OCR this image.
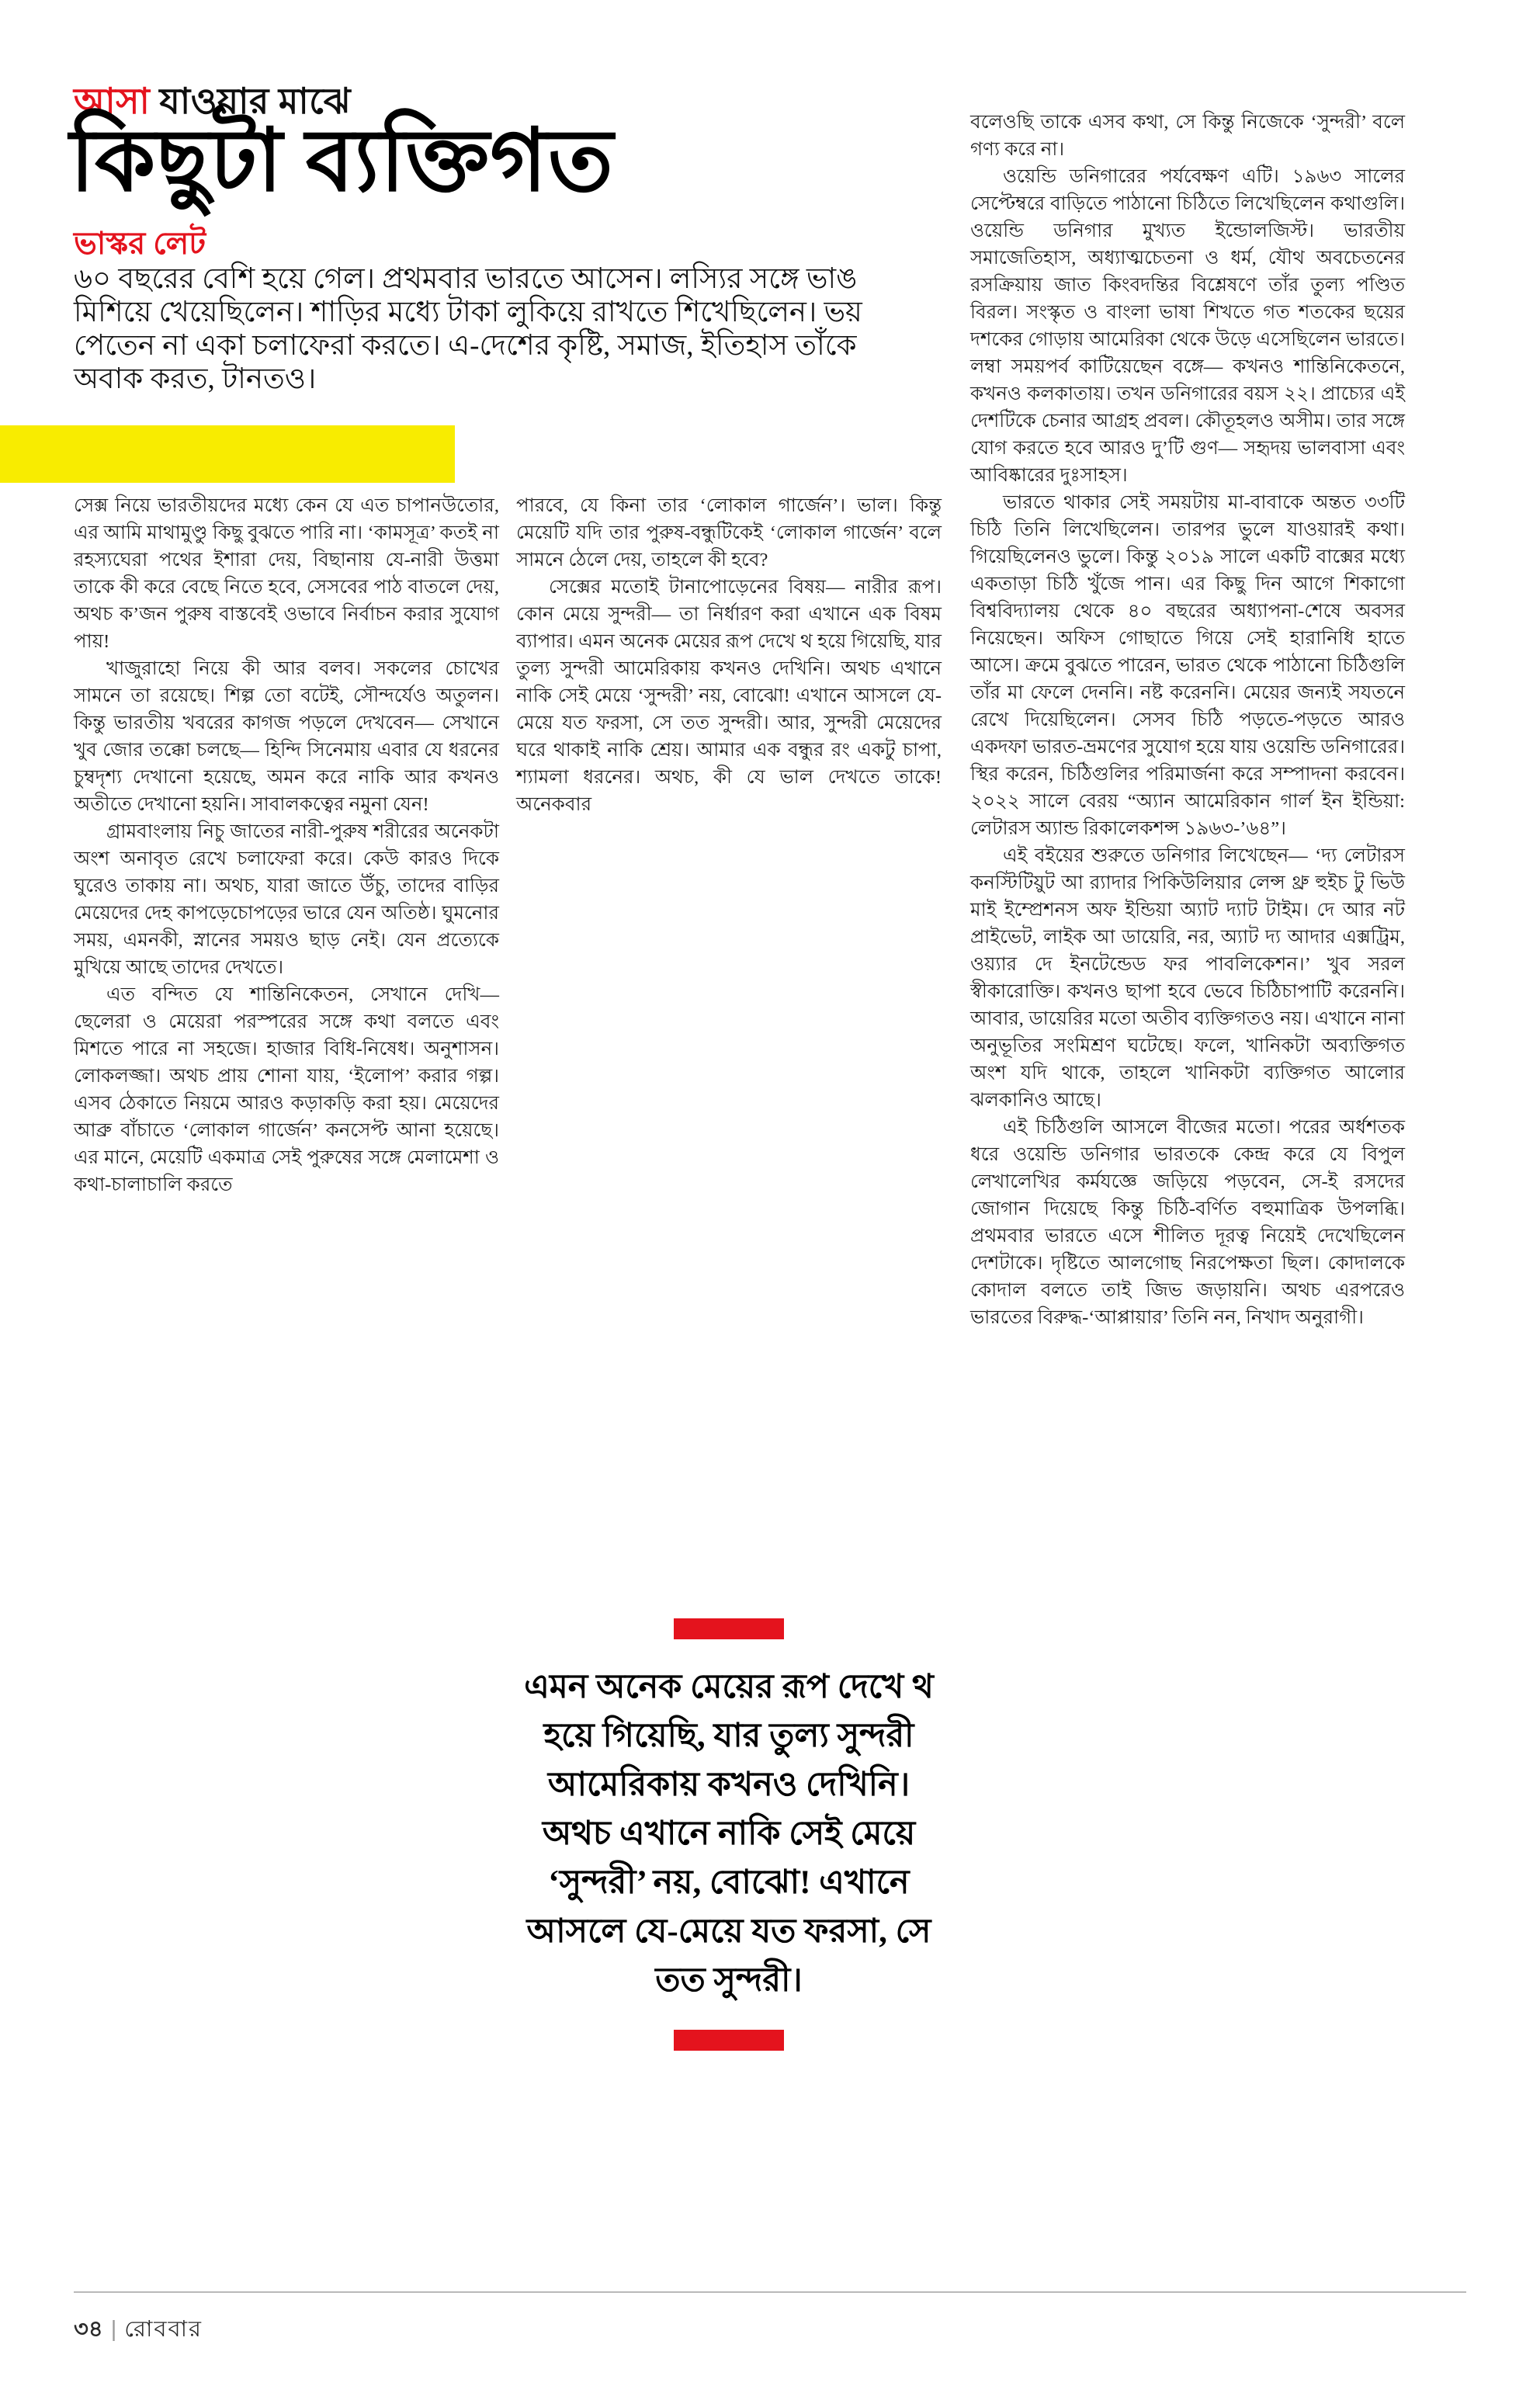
আসা যাওয়ার মাঝে
কিছুটা ব্যক্তিগত
ভাস্কর লেট

৬০ বছরের বেশি হয়ে গেল। প্রথমবার ভারতে আসেন। লস্যির সঙ্গে ভাঙ মিশিয়ে খেয়েছিলেন। শাড়ির মধ্যে টাকা লুকিয়ে রাখতে শিখেছিলেন। ভয় পেতেন না একা চলাফেরা করতে। এ-দেশের কৃষ্টি, সমাজ, ইতিহাস তাঁকে অবাক করত, টানতও।

সেক্স নিয়ে ভারতীয়দের মধ্যে কেন যে এত চাপানউতোর, এর আমি মাথামুণ্ডু কিছু বুঝতে পারি না। ‘কামসূত্র’ কতই না রহস্যঘেরা পথের ইশারা দেয়, বিছানায় যে-নারী উত্তমা তাকে কী করে বেছে নিতে হবে, সেসবের পাঠ বাতলে দেয়, অথচ ক’জন পুরুষ বাস্তবেই ওভাবে নির্বাচন করার সুযোগ পায়!

খাজুরাহো নিয়ে কী আর বলব। সকলের চোখের সামনে তা রয়েছে। শিল্প তো বটেই, সৌন্দর্যেও অতুলন। কিন্তু ভারতীয় খবরের কাগজ পড়লে দেখবেন— সেখানে খুব জোর তক্কো চলছে— হিন্দি সিনেমায় এবার যে ধরনের চুম্বদৃশ্য দেখানো হয়েছে, অমন করে নাকি আর কখনও অতীতে দেখানো হয়নি। সাবালকত্বের নমুনা যেন!

গ্রামবাংলায় নিচু জাতের নারী-পুরুষ শরীরের অনেকটা অংশ অনাবৃত রেখে চলাফেরা করে। কেউ কারও দিকে ঘুরেও তাকায় না। অথচ, যারা জাতে উঁচু, তাদের বাড়ির মেয়েদের দেহ কাপড়েচোপড়ের ভারে যেন অতিষ্ঠ। ঘুমনোর সময়, এমনকী, স্নানের সময়ও ছাড় নেই। যেন প্রত্যেকে মুখিয়ে আছে তাদের দেখতে।

এত বন্দিত যে শান্তিনিকেতন, সেখানে দেখি— ছেলেরা ও মেয়েরা পরস্পরের সঙ্গে কথা বলতে এবং মিশতে পারে না সহজে। হাজার বিধি-নিষেধ। অনুশাসন। লোকলজ্জা। অথচ প্রায় শোনা যায়, ‘ইলোপ’ করার গল্প। এসব ঠেকাতে নিয়মে আরও কড়াকড়ি করা হয়। মেয়েদের আব্রু বাঁচাতে ‘লোকাল গার্জেন’ কনসেপ্ট আনা হয়েছে। এর মানে, মেয়েটি একমাত্র সেই পুরুষের সঙ্গে মেলামেশা ও কথা-চালাচালি করতে

পারবে, যে কিনা তার ‘লোকাল গার্জেন’। ভাল। কিন্তু মেয়েটি যদি তার পুরুষ-বন্ধুটিকেই ‘লোকাল গার্জেন’ বলে সামনে ঠেলে দেয়, তাহলে কী হবে?

সেক্সের মতোই টানাপোড়েনের বিষয়— নারীর রূপ। কোন মেয়ে সুন্দরী— তা নির্ধারণ করা এখানে এক বিষম ব্যাপার। এমন অনেক মেয়ের রূপ দেখে থ হয়ে গিয়েছি, যার তুল্য সুন্দরী আমেরিকায় কখনও দেখিনি। অথচ এখানে নাকি সেই মেয়ে ‘সুন্দরী’ নয়, বোঝো! এখানে আসলে যে-মেয়ে যত ফরসা, সে তত সুন্দরী। আর, সুন্দরী মেয়েদের ঘরে থাকাই নাকি শ্রেয়। আমার এক বন্ধুর রং একটু চাপা, শ্যামলা ধরনের। অথচ, কী যে ভাল দেখতে তাকে! অনেকবার

এমন অনেক মেয়ের রূপ দেখে থ হয়ে গিয়েছি, যার তুল্য সুন্দরী আমেরিকায় কখনও দেখিনি। অথচ এখানে নাকি সেই মেয়ে ‘সুন্দরী’ নয়, বোঝো! এখানে আসলে যে-মেয়ে যত ফরসা, সে তত সুন্দরী।

বলেওছি তাকে এসব কথা, সে কিন্তু নিজেকে ‘সুন্দরী’ বলে গণ্য করে না।

ওয়েন্ডি ডনিগারের পর্যবেক্ষণ এটি। ১৯৬৩ সালের সেপ্টেম্বরে বাড়িতে পাঠানো চিঠিতে লিখেছিলেন কথাগুলি। ওয়েন্ডি ডনিগার মুখ্যত ইন্ডোলজিস্ট। ভারতীয় সমাজেতিহাস, অধ্যাত্মচেতনা ও ধর্ম, যৌথ অবচেতনের রসক্রিয়ায় জাত কিংবদন্তির বিশ্লেষণে তাঁর তুল্য পণ্ডিত বিরল। সংস্কৃত ও বাংলা ভাষা শিখতে গত শতকের ছয়ের দশকের গোড়ায় আমেরিকা থেকে উড়ে এসেছিলেন ভারতে। লম্বা সময়পর্ব কাটিয়েছেন বঙ্গে— কখনও শান্তিনিকেতনে, কখনও কলকাতায়। তখন ডনিগারের বয়স ২২। প্রাচ্যের এই দেশটিকে চেনার আগ্রহ প্রবল। কৌতূহলও অসীম। তার সঙ্গে যোগ করতে হবে আরও দু’টি গুণ— সহৃদয় ভালবাসা এবং আবিষ্কারের দুঃসাহস।

ভারতে থাকার সেই সময়টায় মা-বাবাকে অন্তত ৩৩টি চিঠি তিনি লিখেছিলেন। তারপর ভুলে যাওয়ারই কথা। গিয়েছিলেনও ভুলে। কিন্তু ২০১৯ সালে একটি বাক্সের মধ্যে একতাড়া চিঠি খুঁজে পান। এর কিছু দিন আগে শিকাগো বিশ্ববিদ্যালয় থেকে ৪০ বছরের অধ্যাপনা-শেষে অবসর নিয়েছেন। অফিস গোছাতে গিয়ে সেই হারানিধি হাতে আসে। ক্রমে বুঝতে পারেন, ভারত থেকে পাঠানো চিঠিগুলি তাঁর মা ফেলে দেননি। নষ্ট করেননি। মেয়ের জন্যই সযতনে রেখে দিয়েছিলেন। সেসব চিঠি পড়তে-পড়তে আরও একদফা ভারত-ভ্রমণের সুযোগ হয়ে যায় ওয়েন্ডি ডনিগারের। স্থির করেন, চিঠিগুলির পরিমার্জনা করে সম্পাদনা করবেন। ২০২২ সালে বেরয় “অ্যান আমেরিকান গার্ল ইন ইন্ডিয়া: লেটারস অ্যান্ড রিকালেকশন্স ১৯৬৩-’৬৪”।

এই বইয়ের শুরুতে ডনিগার লিখেছেন— ‘দ্য লেটারস কনস্টিটিয়ুট আ র‍্যাদার পিকিউলিয়ার লেন্স থ্রু হুইচ টু ভিউ মাই ইম্প্রেশনস অফ ইন্ডিয়া অ্যাট দ্যাট টাইম। দে আর নট প্রাইভেট, লাইক আ ডায়েরি, নর, অ্যাট দ্য আদার এক্সট্রিম, ওয়্যার দে ইনটেন্ডেড ফর পাবলিকেশন।’ খুব সরল স্বীকারোক্তি। কখনও ছাপা হবে ভেবে চিঠিচাপাটি করেননি। আবার, ডায়েরির মতো অতীব ব্যক্তিগতও নয়। এখানে নানা অনুভূতির সংমিশ্রণ ঘটেছে। ফলে, খানিকটা অব্যক্তিগত অংশ যদি থাকে, তাহলে খানিকটা ব্যক্তিগত আলোর ঝলকানিও আছে।

এই চিঠিগুলি আসলে বীজের মতো। পরের অর্ধশতক ধরে ওয়েন্ডি ডনিগার ভারতকে কেন্দ্র করে যে বিপুল লেখালেখির কর্মযজ্ঞে জড়িয়ে পড়বেন, সে-ই রসদের জোগান দিয়েছে কিন্তু চিঠি-বর্ণিত বহুমাত্রিক উপলব্ধি। প্রথমবার ভারতে এসে শীলিত দূরত্ব নিয়েই দেখেছিলেন দেশটাকে। দৃষ্টিতে আলগোছ নিরপেক্ষতা ছিল। কোদালকে কোদাল বলতে তাই জিভ জড়ায়নি। অথচ এরপরেও ভারতের বিরুদ্ধ-‘আপ্পায়ার’ তিনি নন, নিখাদ অনুরাগী।

৩৪ | রোববার
